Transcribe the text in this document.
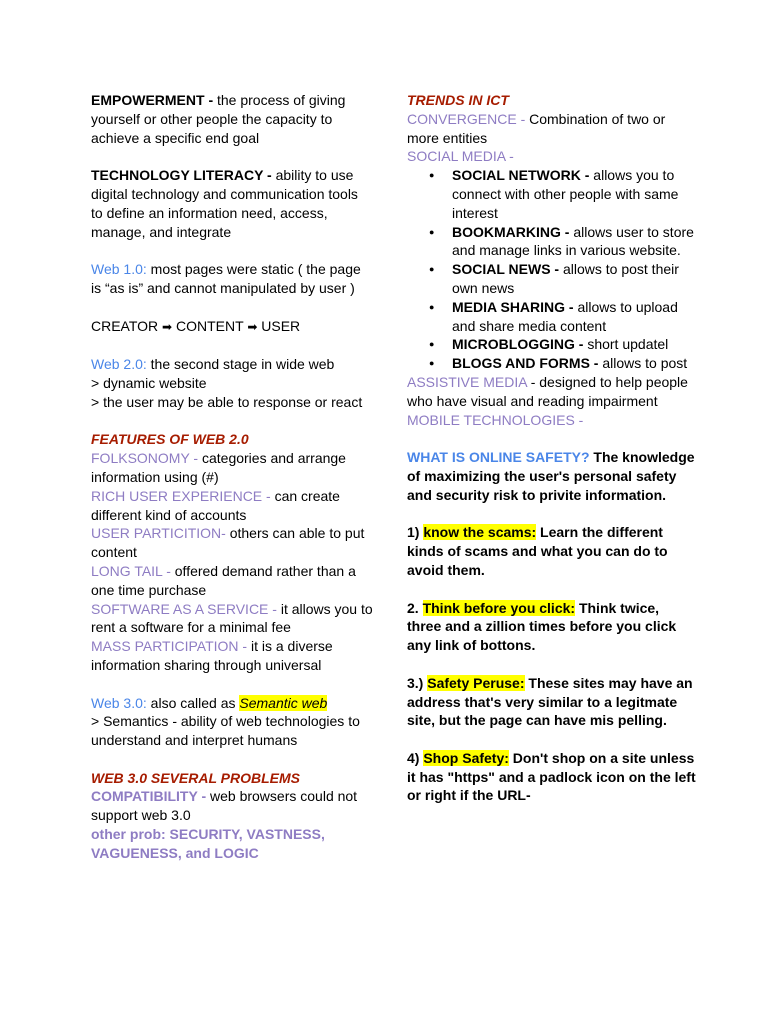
EMPOWERMENT - the process of giving yourself or other people the capacity to achieve a specific end goal

TECHNOLOGY LITERACY - ability to use digital technology and communication tools to define an information need, access, manage, and integrate

Web 1.0: most pages were static ( the page is “as is” and cannot manipulated by user )

CREATOR ➡ CONTENT ➡ USER

Web 2.0: the second stage in wide web

> dynamic website

> the user may be able to response or react

FEATURES OF WEB 2.0

FOLKSONOMY - categories and arrange information using (#)

RICH USER EXPERIENCE - can create different kind of accounts

USER PARTICITION- others can able to put content

LONG TAIL - offered demand rather than a one time purchase

SOFTWARE AS A SERVICE - it allows you to rent a software for a minimal fee

MASS PARTICIPATION - it is a diverse information sharing through universal

Web 3.0: also called as Semantic web

> Semantics - ability of web technologies to understand and interpret humans

WEB 3.0 SEVERAL PROBLEMS

COMPATIBILITY - web browsers could not support web 3.0

other prob: SECURITY, VASTNESS, VAGUENESS, and LOGIC

TRENDS IN ICT

CONVERGENCE - Combination of two or more entities

SOCIAL MEDIA -

● SOCIAL NETWORK - allows you to connect with other people with same interest
● BOOKMARKING - allows user to store and manage links in various website.
● SOCIAL NEWS - allows to post their own news
● MEDIA SHARING - allows to upload and share media content
● MICROBLOGGING - short updatel
● BLOGS AND FORMS - allows to post

ASSISTIVE MEDIA - designed to help people who have visual and reading impairment

MOBILE TECHNOLOGIES -

WHAT IS ONLINE SAFETY? The knowledge of maximizing the user's personal safety and security risk to privite information.

1) know the scams: Learn the different kinds of scams and what you can do to avoid them.

2. Think before you click: Think twice, three and a zillion times before you click any link of bottons.

3.) Safety Peruse: These sites may have an address that's very similar to a legitmate site, but the page can have mis pelling.

4) Shop Safety: Don't shop on a site unless it has "https" and a padlock icon on the left or right if the URL-
